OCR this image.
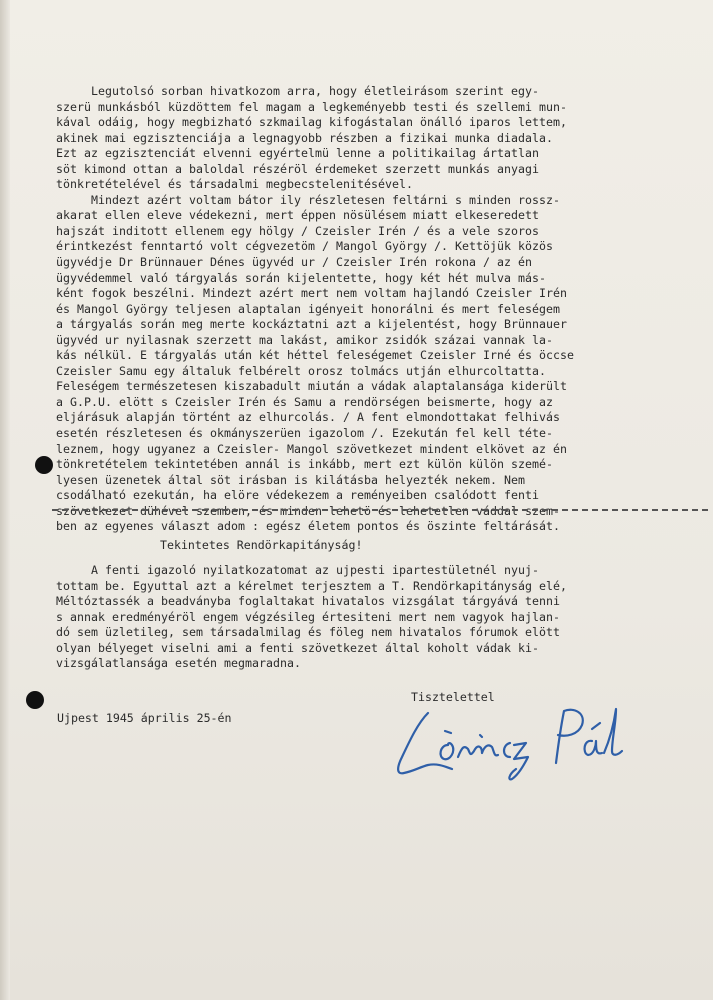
Legutolsó sorban hivatkozom arra, hogy életleirásom szerint egy-
szerü munkásból küzdöttem fel magam a legkeményebb testi és szellemi mun-
kával odáig, hogy megbizható szkmailag kifogástalan önálló iparos lettem,
akinek mai egzisztenciája a legnagyobb részben a fizikai munka diadala.
Ezt az egzisztenciát elvenni egyértelmü lenne a politikailag ártatlan
söt kimond ottan a baloldal részéröl érdemeket szerzett munkás anyagi
tönkretételével és társadalmi megbecstelenitésével.
Mindezt azért voltam bátor ily részletesen feltárni s minden rossz-
akarat ellen eleve védekezni, mert éppen nösülésem miatt elkeseredett
hajszát inditott ellenem egy hölgy / Czeisler Irén / és a vele szoros
érintkezést fenntartó volt cégvezetöm / Mangol György /. Kettöjük közös
ügyvédje Dr Brünnauer Dénes ügyvéd ur / Czeisler Irén rokona / az én
ügyvédemmel való tárgyalás során kijelentette, hogy két hét mulva más-
ként fogok beszélni. Mindezt azért mert nem voltam hajlandó Czeisler Irén
és Mangol György teljesen alaptalan igényeit honorálni és mert feleségem
a tárgyalás során meg merte kockáztatni azt a kijelentést, hogy Brünnauer
ügyvéd ur nyilasnak szerzett ma lakást, amikor zsidók százai vannak la-
kás nélkül. E tárgyalás után két héttel feleségemet Czeisler Irné és öccse
Czeisler Samu egy általuk felbérelt orosz tolmács utján elhurcoltatta.
Feleségem természetesen kiszabadult miután a vádak alaptalansága kiderült
a G.P.U. elött s Czeisler Irén és Samu a rendörségen beismerte, hogy az
eljárásuk alapján történt az elhurcolás. / A fent elmondottakat felhivás
esetén részletesen és okmányszerüen igazolom /. Ezekután fel kell téte-
leznem, hogy ugyanez a Czeisler- Mangol szövetkezet mindent elkövet az én
tönkretételem tekintetében annál is inkább, mert ezt külön külön szemé-
lyesen üzenetek által söt irásban is kilátásba helyezték nekem. Nem
csodálható ezekután, ha elöre védekezem a reményeiben csalódott fenti
szövetkezet dühével szemben, és minden lehetö és lehetetlen váddal szem-
ben az egyenes választ adom : egész életem pontos és öszinte feltárását.
Tekintetes Rendörkapitányság!
A fenti igazoló nyilatkozatomat az ujpesti ipartestületnél nyuj-
tottam be. Egyuttal azt a kérelmet terjesztem a T. Rendörkapitányság elé,
Méltóztassék a beadványba foglaltakat hivatalos vizsgálat tárgyává tenni
s annak eredményéröl engem végzésileg értesiteni mert nem vagyok hajlan-
dó sem üzletileg, sem társadalmilag és föleg nem hivatalos fórumok elött
olyan bélyeget viselni ami a fenti szövetkezet által koholt vádak ki-
vizsgálatlansága esetén megmaradna.
Tisztelettel
Ujpest 1945 április 25-én
